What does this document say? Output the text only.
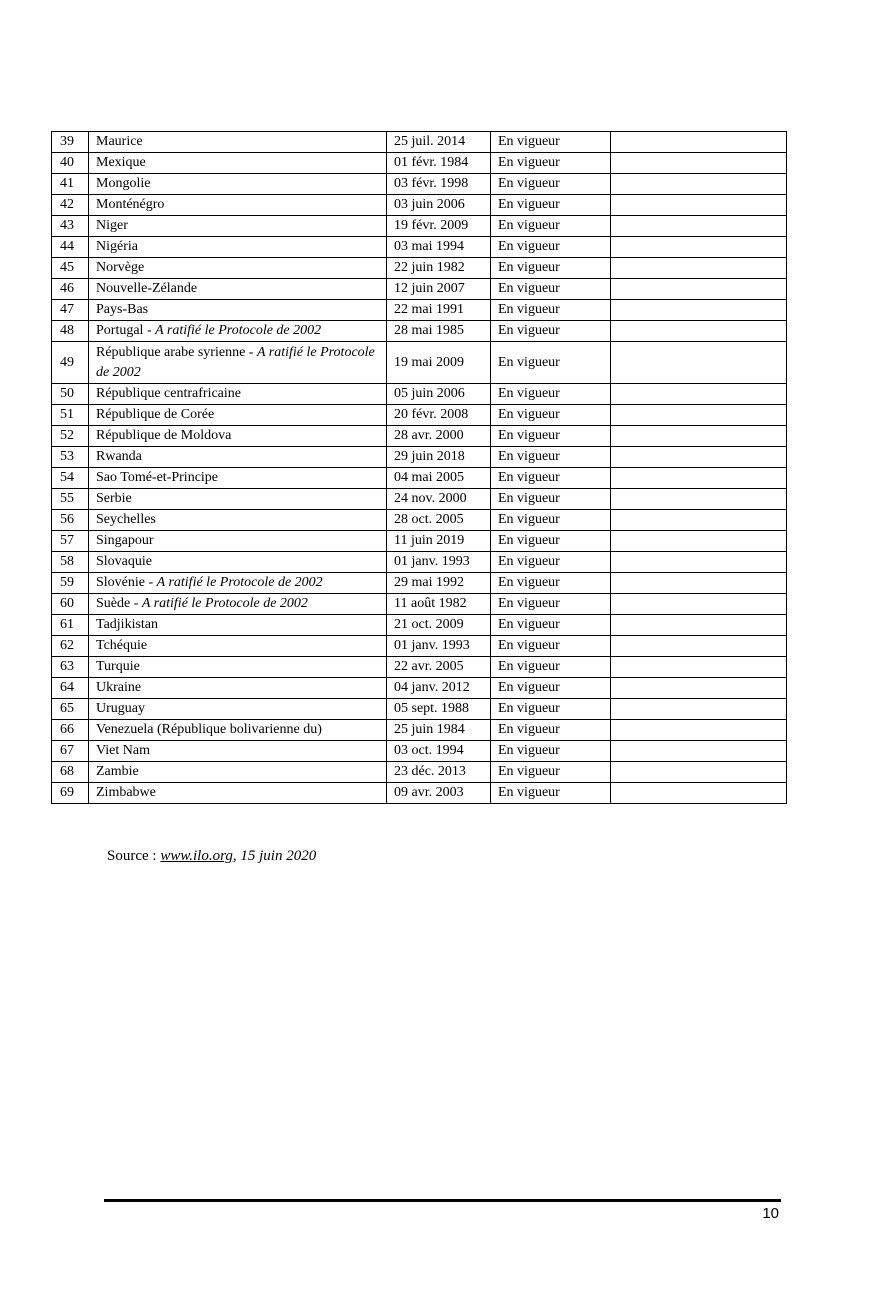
39	Maurice	25 juil. 2014	En vigueur	
40	Mexique	01 févr. 1984	En vigueur	
41	Mongolie	03 févr. 1998	En vigueur	
42	Monténégro	03 juin 2006	En vigueur	
43	Niger	19 févr. 2009	En vigueur	
44	Nigéria	03 mai 1994	En vigueur	
45	Norvège	22 juin 1982	En vigueur	
46	Nouvelle-Zélande	12 juin 2007	En vigueur	
47	Pays-Bas	22 mai 1991	En vigueur	
48	Portugal - A ratifié le Protocole de 2002	28 mai 1985	En vigueur	
49	République arabe syrienne - A ratifié le Protocole de 2002	19 mai 2009	En vigueur	
50	République centrafricaine	05 juin 2006	En vigueur	
51	République de Corée	20 févr. 2008	En vigueur	
52	République de Moldova	28 avr. 2000	En vigueur	
53	Rwanda	29 juin 2018	En vigueur	
54	Sao Tomé-et-Principe	04 mai 2005	En vigueur	
55	Serbie	24 nov. 2000	En vigueur	
56	Seychelles	28 oct. 2005	En vigueur	
57	Singapour	11 juin 2019	En vigueur	
58	Slovaquie	01 janv. 1993	En vigueur	
59	Slovénie - A ratifié le Protocole de 2002	29 mai 1992	En vigueur	
60	Suède - A ratifié le Protocole de 2002	11 août 1982	En vigueur	
61	Tadjikistan	21 oct. 2009	En vigueur	
62	Tchéquie	01 janv. 1993	En vigueur	
63	Turquie	22 avr. 2005	En vigueur	
64	Ukraine	04 janv. 2012	En vigueur	
65	Uruguay	05 sept. 1988	En vigueur	
66	Venezuela (République bolivarienne du)	25 juin 1984	En vigueur	
67	Viet Nam	03 oct. 1994	En vigueur	
68	Zambie	23 déc. 2013	En vigueur	
69	Zimbabwe	09 avr. 2003	En vigueur	
Source : www.ilo.org, 15 juin 2020
10
